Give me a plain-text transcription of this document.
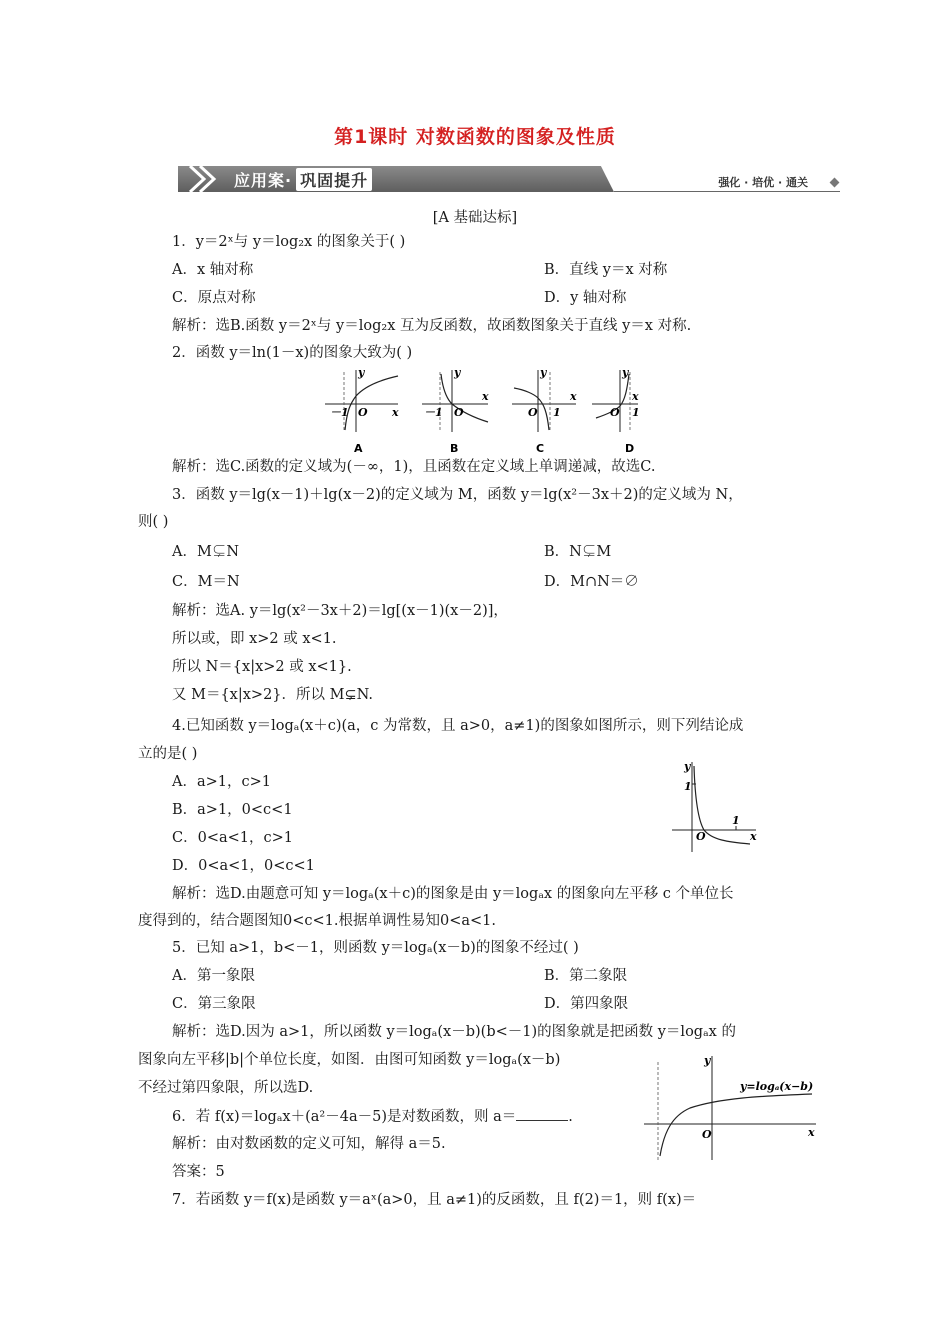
第1课时 对数函数的图象及性质
应用案· 巩固提升	强化 · 培优 · 通关
[A 基础达标]
1．y＝2ˣ与 y＝log₂x 的图象关于( )
A．x 轴对称	B．直线 y＝x 对称
C．原点对称	D．y 轴对称
解析：选B.函数 y＝2ˣ与 y＝log₂x 互为反函数，故函数图象关于直线 y＝x 对称.
2．函数 y＝ln(1－x)的图象大致为( )
x
y
－1 O
A
x
y
－1 O
B
x
y
O 1
C
x
y
O 1
D
解析：选C.函数的定义域为(－∞，1)，且函数在定义域上单调递减，故选C.
3．函数 y＝lg(x－1)＋lg(x－2)的定义域为 M，函数 y＝lg(x²－3x＋2)的定义域为 N，
则( )
A．M⊊N	B．N⊊M
C．M＝N	D．M∩N＝∅
解析：选A. y＝lg(x²－3x＋2)＝lg[(x－1)(x－2)]，
所以或，即 x>2 或 x<1.
所以 N＝{x|x>2 或 x<1}.
又 M＝{x|x>2}．所以 M⊊N.
4.已知函数 y＝logₐ(x＋c)(a，c 为常数，且 a>0，a≠1)的图象如图所示，则下列结论成
立的是( )
A．a>1，c>1
B．a>1，0<c<1
C．0<a<1，c>1
D．0<a<1，0<c<1
y
1
1
x
O
解析：选D.由题意可知 y＝logₐ(x＋c)的图象是由 y＝logₐx 的图象向左平移 c 个单位长
度得到的，结合题图知0<c<1.根据单调性易知0<a<1.
5．已知 a>1，b<－1，则函数 y＝logₐ(x－b)的图象不经过( )
A．第一象限	B．第二象限
C．第三象限	D．第四象限
解析：选D.因为 a>1，所以函数 y＝logₐ(x－b)(b<－1)的图象就是把函数 y＝logₐx 的
图象向左平移|b|个单位长度，如图．由图可知函数 y＝logₐ(x－b)
不经过第四象限，所以选D.
y
x
O
y=logₐ(x−b)
6．若 f(x)＝logₐx＋(a²－4a－5)是对数函数，则 a＝	.
解析：由对数函数的定义可知，解得 a＝5.
答案：5
7．若函数 y＝f(x)是函数 y＝aˣ(a>0，且 a≠1)的反函数，且 f(2)＝1，则 f(x)＝
